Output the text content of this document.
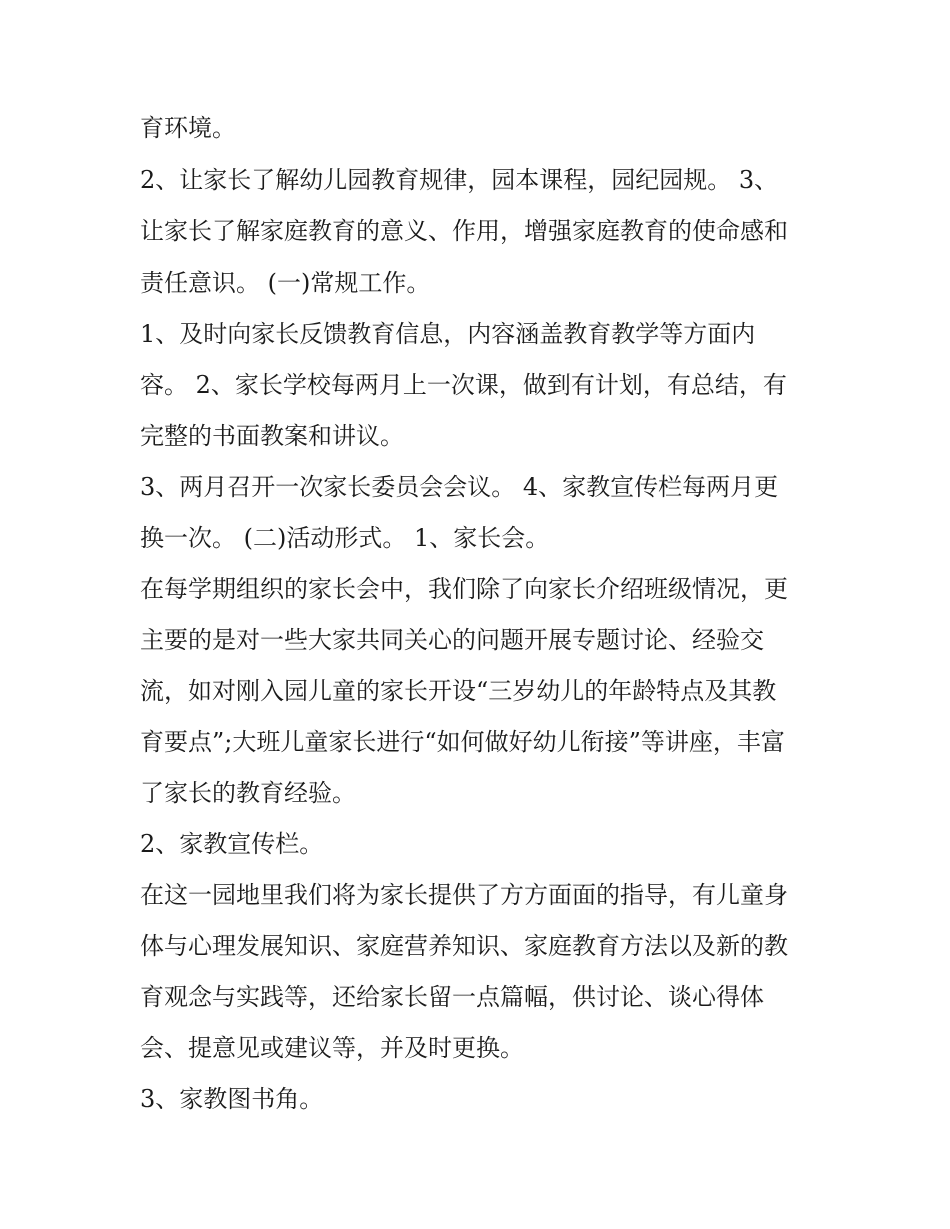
育环境。
2、让家长了解幼儿园教育规律，园本课程，园纪园规。 3、
让家长了解家庭教育的意义、作用，增强家庭教育的使命感和
责任意识。 (一)常规工作。
1、及时向家长反馈教育信息，内容涵盖教育教学等方面内
容。 2、家长学校每两月上一次课，做到有计划，有总结，有
完整的书面教案和讲议。
3、两月召开一次家长委员会会议。 4、家教宣传栏每两月更
换一次。 (二)活动形式。 1、家长会。
在每学期组织的家长会中，我们除了向家长介绍班级情况，更
主要的是对一些大家共同关心的问题开展专题讨论、经验交
流，如对刚入园儿童的家长开设“三岁幼儿的年龄特点及其教
育要点”;大班儿童家长进行“如何做好幼儿衔接”等讲座，丰富
了家长的教育经验。
2、家教宣传栏。
在这一园地里我们将为家长提供了方方面面的指导，有儿童身
体与心理发展知识、家庭营养知识、家庭教育方法以及新的教
育观念与实践等，还给家长留一点篇幅，供讨论、谈心得体
会、提意见或建议等，并及时更换。
3、家教图书角。
